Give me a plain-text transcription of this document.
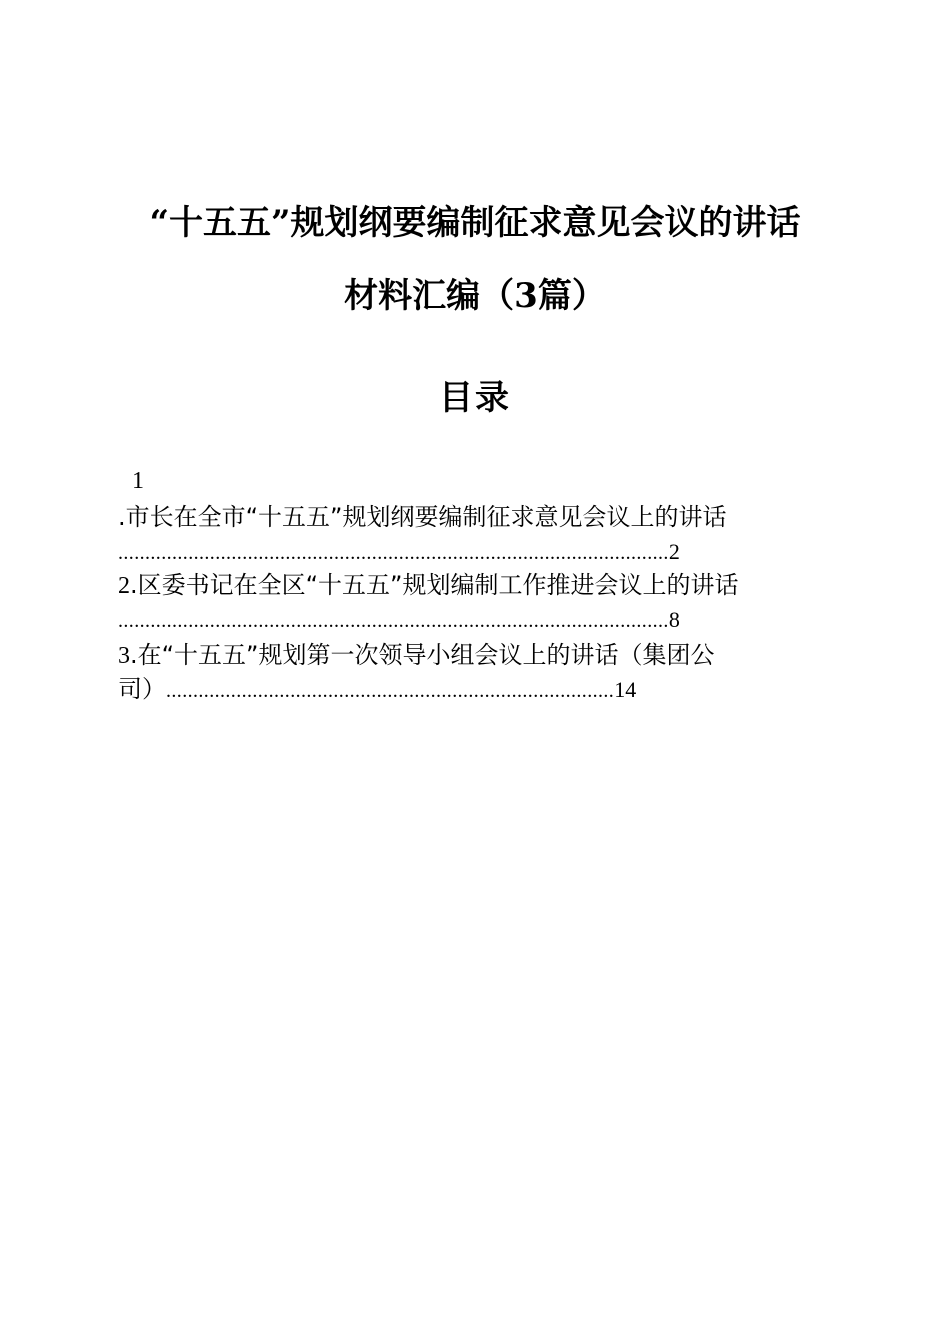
“十五五”规划纲要编制征求意见会议的讲话
材料汇编（3篇）
目录
1
.市长在全市“十五五”规划纲要编制征求意见会议上的讲话
......................................................................................................2
2.区委书记在全区“十五五”规划编制工作推进会议上的讲话
......................................................................................................8
3.在“十五五”规划第一次领导小组会议上的讲话（集团公
司）...................................................................................14
